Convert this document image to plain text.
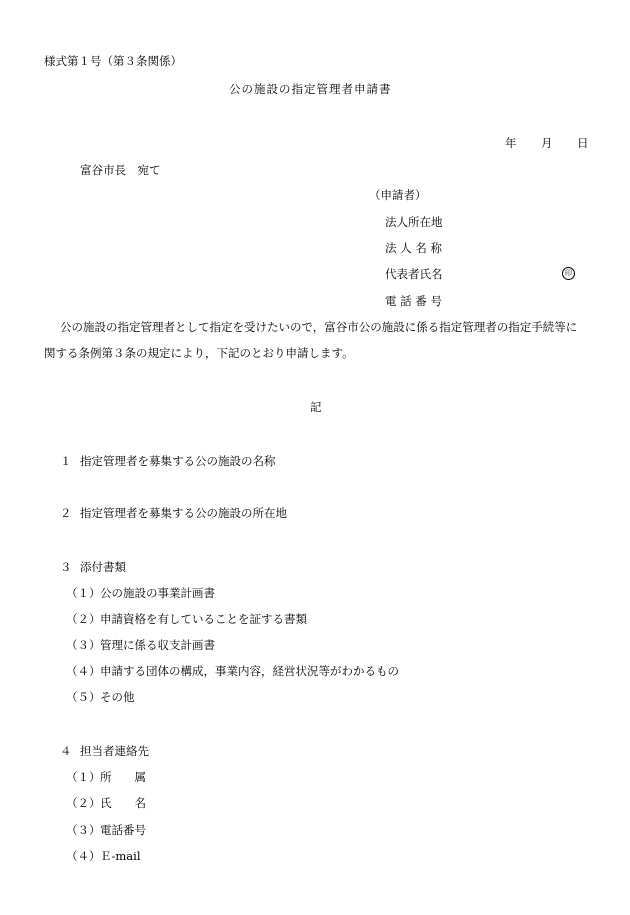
様式第１号（第３条関係）
公の施設の指定管理者申請書
年 月 日
富谷市長　宛て
（申請者）
法人所在地
法 人 名 称
代表者氏名	印
電 話 番 号
公の施設の指定管理者として指定を受けたいので，富谷市公の施設に係る指定管理者の指定手続等に
関する条例第３条の規定により，下記のとおり申請します。
記
１ 指定管理者を募集する公の施設の名称
２ 指定管理者を募集する公の施設の所在地
３ 添付書類
（１） 公の施設の事業計画書
（２） 申請資格を有していることを証する書類
（３） 管理に係る収支計画書
（４） 申請する団体の構成，事業内容，経営状況等がわかるもの
（５） その他
４ 担当者連絡先
（１） 所　　属
（２） 氏　　名
（３） 電話番号
（４） Ｅ-mail
